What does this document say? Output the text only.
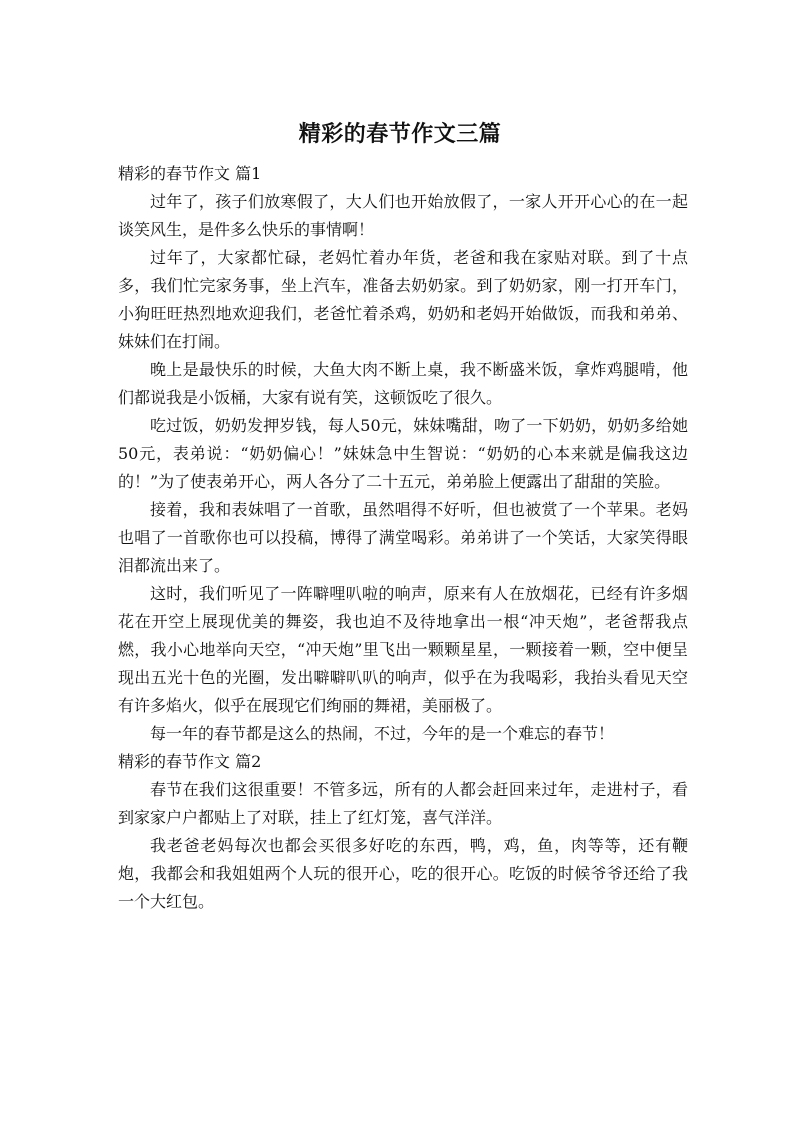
精彩的春节作文三篇

精彩的春节作文 篇1

过年了，孩子们放寒假了，大人们也开始放假了，一家人开开心心的在一起谈笑风生，是件多么快乐的事情啊！

过年了，大家都忙碌，老妈忙着办年货，老爸和我在家贴对联。到了十点多，我们忙完家务事，坐上汽车，准备去奶奶家。到了奶奶家，刚一打开车门，小狗旺旺热烈地欢迎我们，老爸忙着杀鸡，奶奶和老妈开始做饭，而我和弟弟、妹妹们在打闹。

晚上是最快乐的时候，大鱼大肉不断上桌，我不断盛米饭，拿炸鸡腿啃，他们都说我是小饭桶，大家有说有笑，这顿饭吃了很久。

吃过饭，奶奶发押岁钱，每人50元，妹妹嘴甜，吻了一下奶奶，奶奶多给她50元，表弟说：“奶奶偏心！”妹妹急中生智说：“奶奶的心本来就是偏我这边的！”为了使表弟开心，两人各分了二十五元，弟弟脸上便露出了甜甜的笑脸。

接着，我和表妹唱了一首歌，虽然唱得不好听，但也被赏了一个苹果。老妈也唱了一首歌你也可以投稿，博得了满堂喝彩。弟弟讲了一个笑话，大家笑得眼泪都流出来了。

这时，我们听见了一阵噼哩叭啦的响声，原来有人在放烟花，已经有许多烟花在开空上展现优美的舞姿，我也迫不及待地拿出一根“冲天炮”，老爸帮我点燃，我小心地举向天空，“冲天炮”里飞出一颗颗星星，一颗接着一颗，空中便呈现出五光十色的光圈，发出噼噼叭叭的响声，似乎在为我喝彩，我抬头看见天空有许多焰火，似乎在展现它们绚丽的舞裙，美丽极了。

每一年的春节都是这么的热闹，不过，今年的是一个难忘的春节！

精彩的春节作文 篇2

春节在我们这很重要！不管多远，所有的人都会赶回来过年，走进村子，看到家家户户都贴上了对联，挂上了红灯笼，喜气洋洋。

我老爸老妈每次也都会买很多好吃的东西，鸭，鸡，鱼，肉等等，还有鞭炮，我都会和我姐姐两个人玩的很开心，吃的很开心。吃饭的时候爷爷还给了我一个大红包。
